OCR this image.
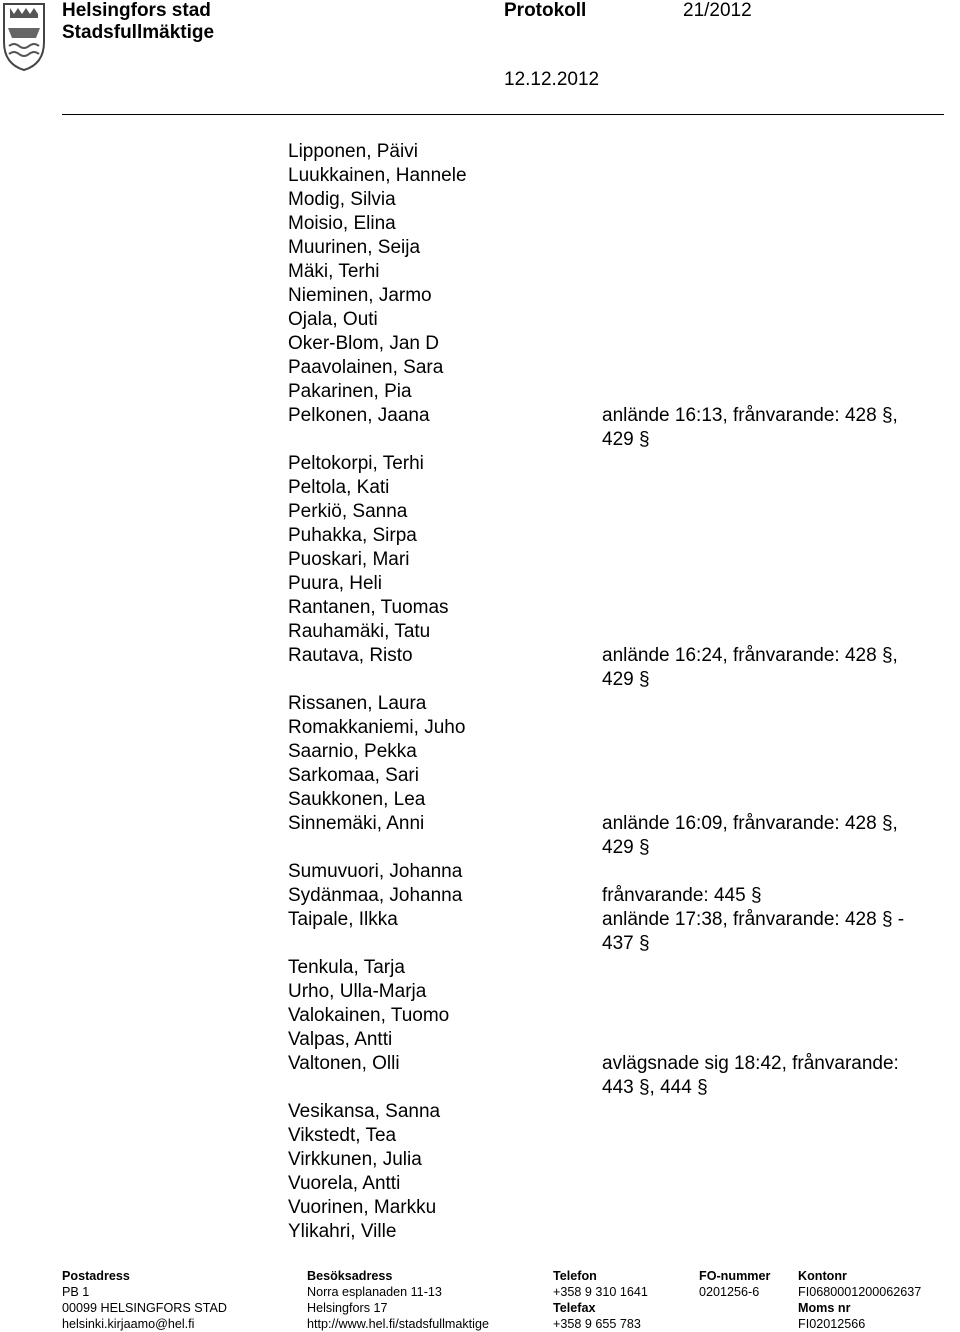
Helsingfors stad
Stadsfullmäktige
Protokoll	21/2012
12.12.2012
Lipponen, Päivi
Luukkainen, Hannele
Modig, Silvia
Moisio, Elina
Muurinen, Seija
Mäki, Terhi
Nieminen, Jarmo
Ojala, Outi
Oker-Blom, Jan D
Paavolainen, Sara
Pakarinen, Pia
Pelkonen, Jaana	anlände 16:13, frånvarande: 428 §, 429 §
Peltokorpi, Terhi
Peltola, Kati
Perkiö, Sanna
Puhakka, Sirpa
Puoskari, Mari
Puura, Heli
Rantanen, Tuomas
Rauhamäki, Tatu
Rautava, Risto	anlände 16:24, frånvarande: 428 §, 429 §
Rissanen, Laura
Romakkaniemi, Juho
Saarnio, Pekka
Sarkomaa, Sari
Saukkonen, Lea
Sinnemäki, Anni	anlände 16:09, frånvarande: 428 §, 429 §
Sumuvuori, Johanna
Sydänmaa, Johanna	frånvarande: 445 §
Taipale, Ilkka	anlände 17:38, frånvarande: 428 § - 437 §
Tenkula, Tarja
Urho, Ulla-Marja
Valokainen, Tuomo
Valpas, Antti
Valtonen, Olli	avlägsnade sig 18:42, frånvarande: 443 §, 444 §
Vesikansa, Sanna
Vikstedt, Tea
Virkkunen, Julia
Vuorela, Antti
Vuorinen, Markku
Ylikahri, Ville
Postadress
PB 1
00099 HELSINGFORS STAD
helsinki.kirjaamo@hel.fi
Besöksadress
Norra esplanaden 11-13
Helsingfors 17
http://www.hel.fi/stadsfullmaktige
Telefon
+358 9 310 1641
Telefax
+358 9 655 783
FO-nummer
0201256-6
Kontonr
FI0680001200062637
Moms nr
FI02012566
